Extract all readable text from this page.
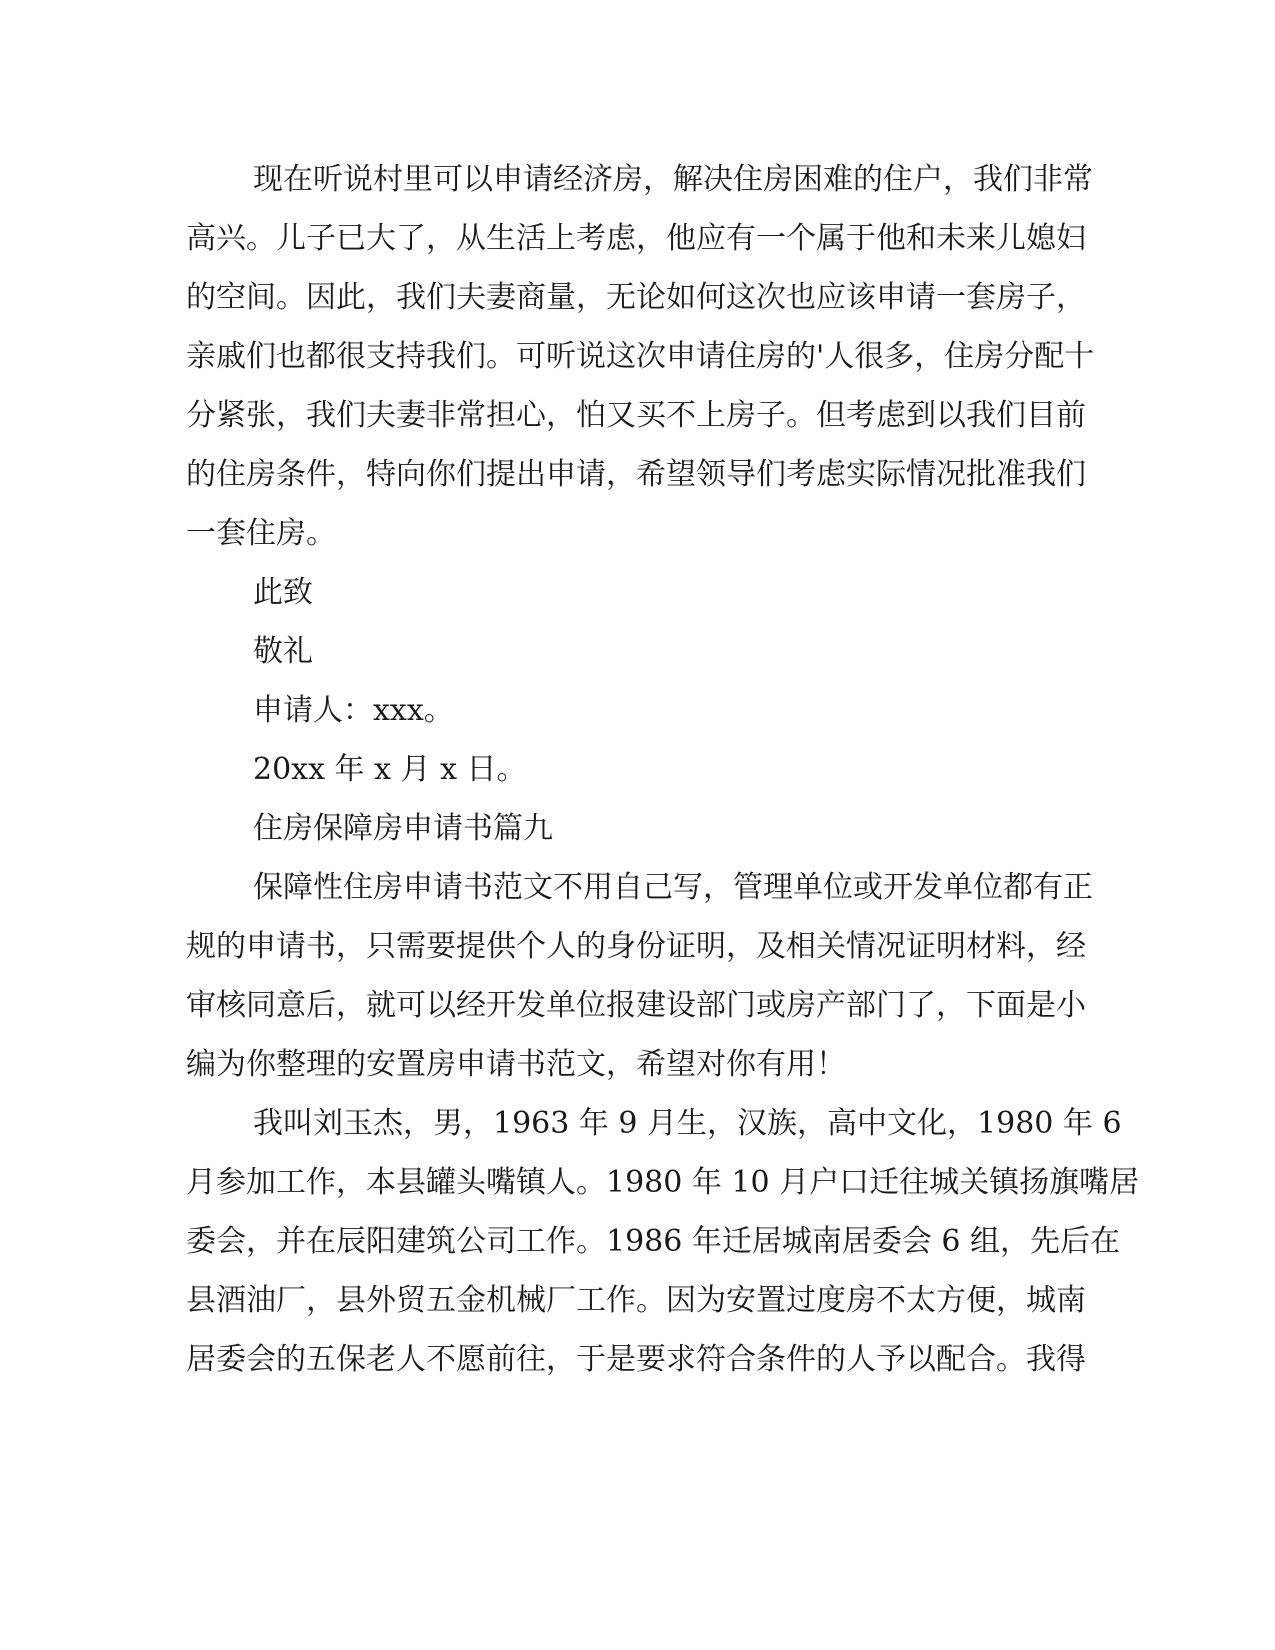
现在听说村里可以申请经济房，解决住房困难的住户，我们非常
高兴。儿子已大了，从生活上考虑，他应有一个属于他和未来儿媳妇
的空间。因此，我们夫妻商量，无论如何这次也应该申请一套房子，
亲戚们也都很支持我们。可听说这次申请住房的'人很多，住房分配十
分紧张，我们夫妻非常担心，怕又买不上房子。但考虑到以我们目前
的住房条件，特向你们提出申请，希望领导们考虑实际情况批准我们
一套住房。
此致
敬礼
申请人：xxx。
20xx 年 x 月 x 日。
住房保障房申请书篇九
保障性住房申请书范文不用自己写，管理单位或开发单位都有正
规的申请书，只需要提供个人的身份证明，及相关情况证明材料，经
审核同意后，就可以经开发单位报建设部门或房产部门了，下面是小
编为你整理的安置房申请书范文，希望对你有用！
我叫刘玉杰，男，1963 年 9 月生，汉族，高中文化，1980 年 6
月参加工作，本县罐头嘴镇人。1980 年 10 月户口迁往城关镇扬旗嘴居
委会，并在辰阳建筑公司工作。1986 年迁居城南居委会 6 组，先后在
县酒油厂，县外贸五金机械厂工作。因为安置过度房不太方便，城南
居委会的五保老人不愿前往，于是要求符合条件的人予以配合。我得
